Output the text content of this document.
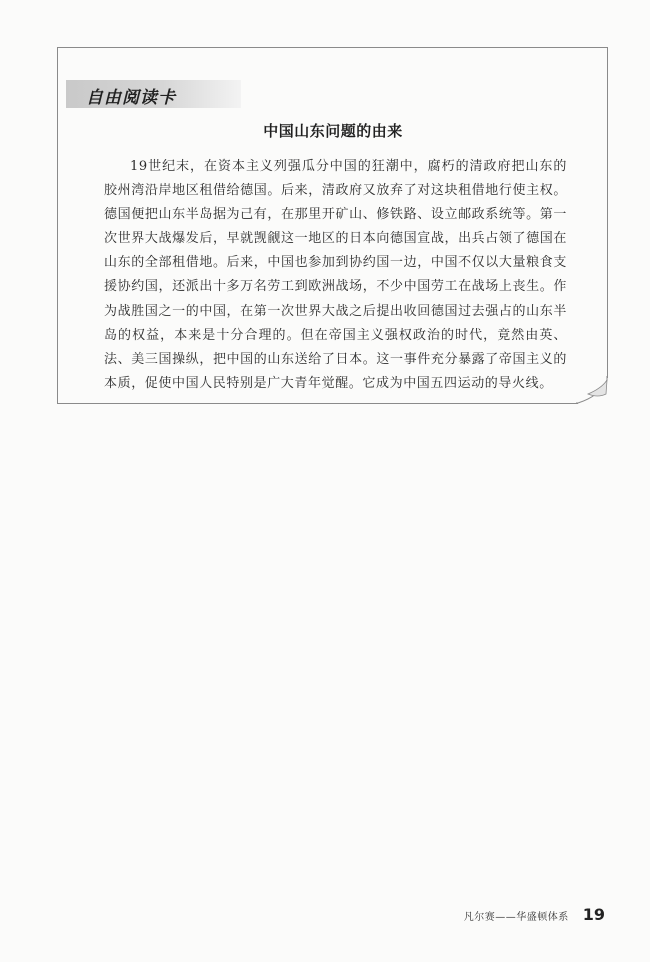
自由阅读卡
中国山东问题的由来

19世纪末，在资本主义列强瓜分中国的狂潮中，腐朽的清政府把山东的胶州湾沿岸地区租借给德国。后来，清政府又放弃了对这块租借地行使主权。德国便把山东半岛据为己有，在那里开矿山、修铁路、设立邮政系统等。第一次世界大战爆发后，早就觊觎这一地区的日本向德国宣战，出兵占领了德国在山东的全部租借地。后来，中国也参加到协约国一边，中国不仅以大量粮食支援协约国，还派出十多万名劳工到欧洲战场，不少中国劳工在战场上丧生。作为战胜国之一的中国，在第一次世界大战之后提出收回德国过去强占的山东半岛的权益，本来是十分合理的。但在帝国主义强权政治的时代，竟然由英、法、美三国操纵，把中国的山东送给了日本。这一事件充分暴露了帝国主义的本质，促使中国人民特别是广大青年觉醒。它成为中国五四运动的导火线。

凡尔赛——华盛顿体系 19
